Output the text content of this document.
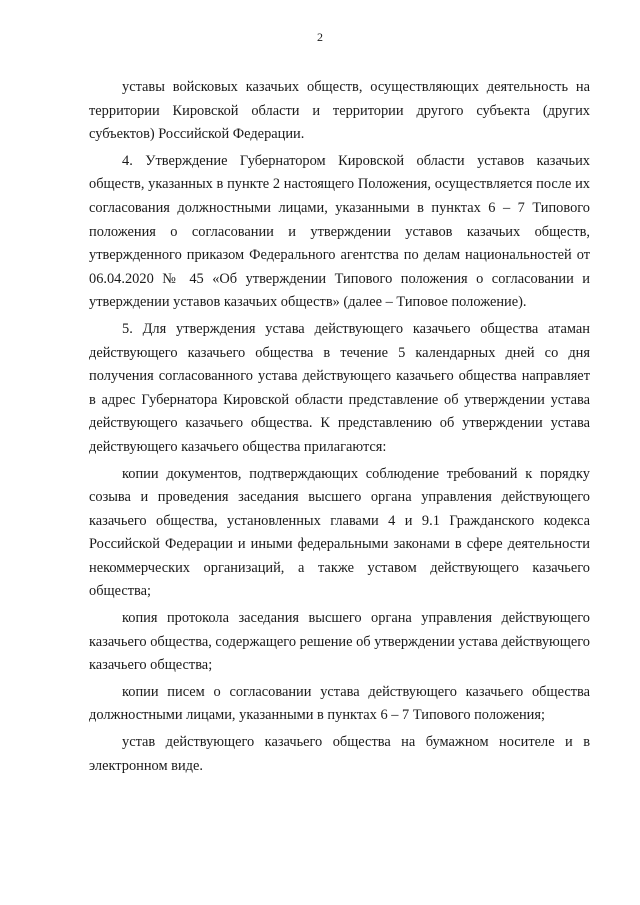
2

уставы войсковых казачьих обществ, осуществляющих деятельность на территории Кировской области и территории другого субъекта (других субъектов) Российской Федерации.

4. Утверждение Губернатором Кировской области уставов казачьих обществ, указанных в пункте 2 настоящего Положения, осуществляется после их согласования должностными лицами, указанными в пунктах 6 – 7 Типового положения о согласовании и утверждении уставов казачьих обществ, утвержденного приказом Федерального агентства по делам национальностей от 06.04.2020 № 45 «Об утверждении Типового положения о согласовании и утверждении уставов казачьих обществ» (далее – Типовое положение).

5. Для утверждения устава действующего казачьего общества атаман действующего казачьего общества в течение 5 календарных дней со дня получения согласованного устава действующего казачьего общества направляет в адрес Губернатора Кировской области представление об утверждении устава действующего казачьего общества. К представлению об утверждении устава действующего казачьего общества прилагаются:

копии документов, подтверждающих соблюдение требований к порядку созыва и проведения заседания высшего органа управления действующего казачьего общества, установленных главами 4 и 9.1 Гражданского кодекса Российской Федерации и иными федеральными законами в сфере деятельности некоммерческих организаций, а также уставом действующего казачьего общества;

копия протокола заседания высшего органа управления действующего казачьего общества, содержащего решение об утверждении устава действующего казачьего общества;

копии писем о согласовании устава действующего казачьего общества должностными лицами, указанными в пунктах 6 – 7 Типового положения;

устав действующего казачьего общества на бумажном носителе и в электронном виде.
